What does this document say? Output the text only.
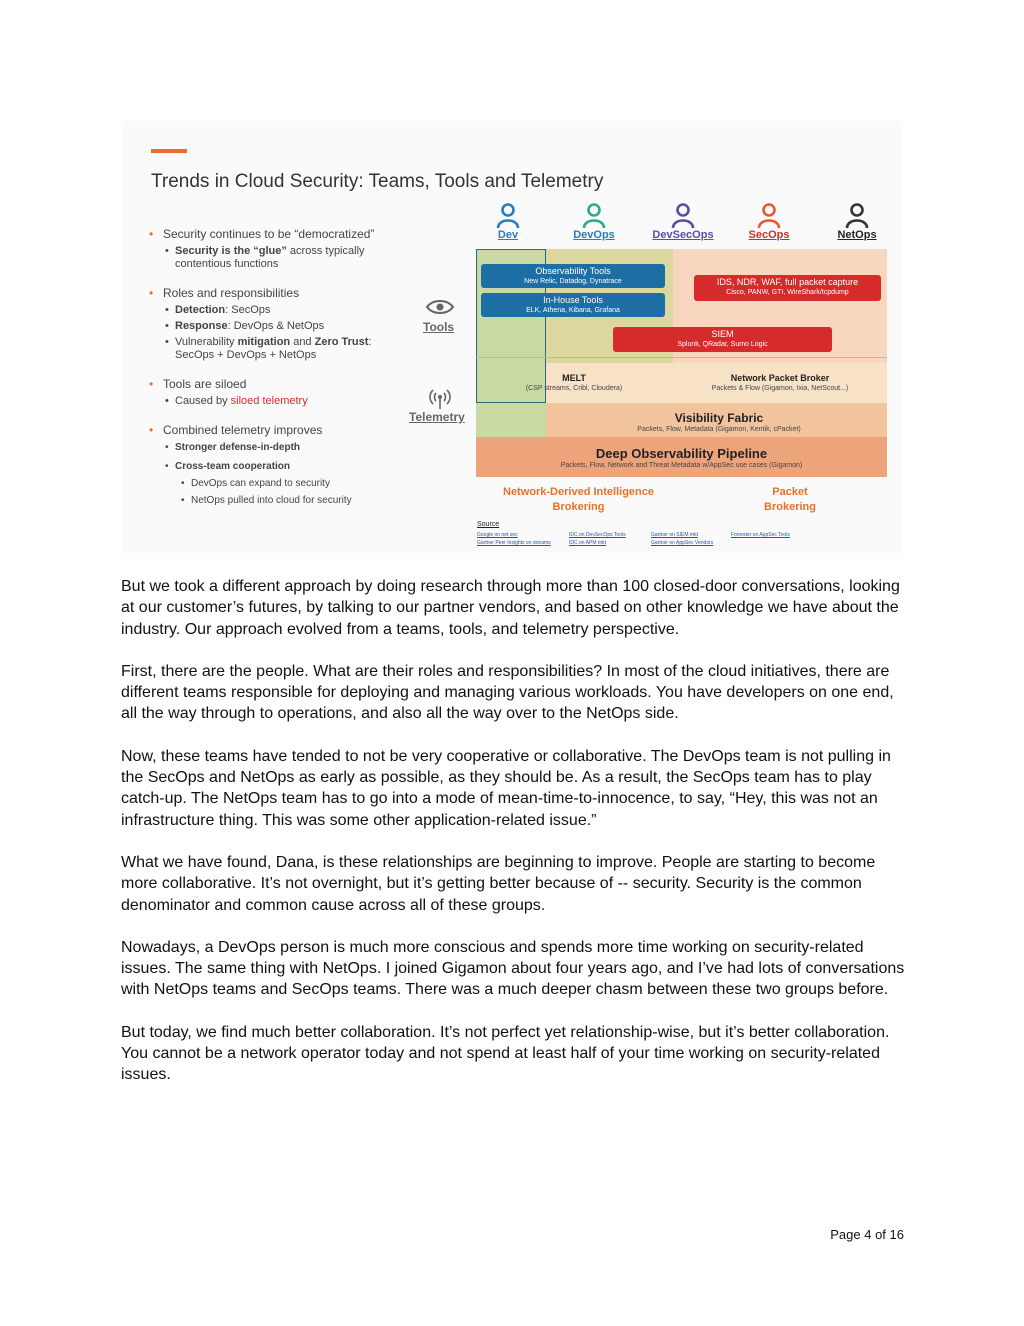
Trends in Cloud Security: Teams, Tools and Telemetry
• Security continues to be “democratized”
• Security is the “glue” across typically contentious functions
• Roles and responsibilities
• Detection: SecOps
• Response: DevOps & NetOps
• Vulnerability mitigation and Zero Trust: SecOps + DevOps + NetOps
• Tools are siloed
• Caused by siloed telemetry
• Combined telemetry improves
• Stronger defense-in-depth
• Cross-team cooperation
• DevOps can expand to security
• NetOps pulled into cloud for security
Dev	DevOps	DevSecOps	SecOps	NetOps
Tools
Telemetry
Observability Tools
New Relic, Datadog, Dynatrace
In-House Tools
ELK, Athena, Kibana, Grafana
IDS, NDR, WAF, full packet capture
Cisco, PANW, GTI, WireShark/tcpdump
SIEM
Splunk, QRadar, Sumo Logic
MELT
(CSP streams, Cribl, Cloudera)
Network Packet Broker
Packets & Flow (Gigamon, Ixia, NetScout...)
Visibility Fabric
Packets, Flow, Metadata (Gigamon, Kentik, cPacket)
Deep Observability Pipeline
Packets, Flow, Network and Threat Metadata w/AppSec use cases (Gigamon)
Network-Derived Intelligence
Brokering
Packet
Brokering
Source
Google on net sec
Gartner Peer Insights on streams
IDC on DevSecOps Tools
IDC on APM mkt
Gartner on SIEM mkt
Gartner on AppSec Vendors
Forrester on AppSec Tools

But we took a different approach by doing research through more than 100 closed-door conversations, looking at our customer’s futures, by talking to our partner vendors, and based on other knowledge we have about the industry. Our approach evolved from a teams, tools, and telemetry perspective.

First, there are the people. What are their roles and responsibilities? In most of the cloud initiatives, there are different teams responsible for deploying and managing various workloads. You have developers on one end, all the way through to operations, and also all the way over to the NetOps side.

Now, these teams have tended to not be very cooperative or collaborative. The DevOps team is not pulling in the SecOps and NetOps as early as possible, as they should be. As a result, the SecOps team has to play catch-up. The NetOps team has to go into a mode of mean-time-to-innocence, to say, “Hey, this was not an infrastructure thing. This was some other application-related issue.”

What we have found, Dana, is these relationships are beginning to improve. People are starting to become more collaborative. It’s not overnight, but it’s getting better because of -- security. Security is the common denominator and common cause across all of these groups.

Nowadays, a DevOps person is much more conscious and spends more time working on security-related issues. The same thing with NetOps. I joined Gigamon about four years ago, and I’ve had lots of conversations with NetOps teams and SecOps teams. There was a much deeper chasm between these two groups before.

But today, we find much better collaboration. It’s not perfect yet relationship-wise, but it’s better collaboration. You cannot be a network operator today and not spend at least half of your time working on security-related issues.

Page 4 of 16
